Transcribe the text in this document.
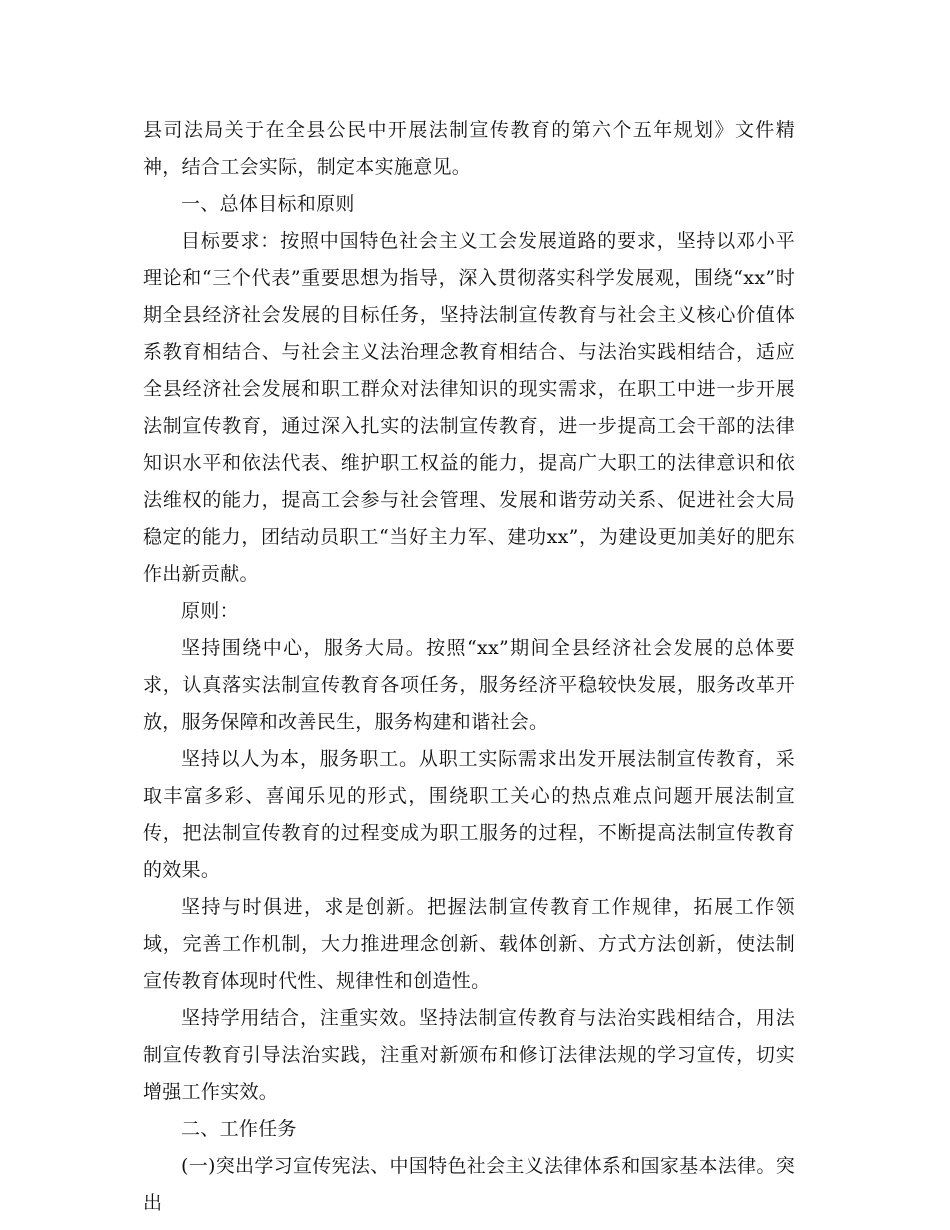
县司法局关于在全县公民中开展法制宣传教育的第六个五年规划》文件精神，结合工会实际，制定本实施意见。

一、总体目标和原则

目标要求：按照中国特色社会主义工会发展道路的要求，坚持以邓小平理论和“三个代表”重要思想为指导，深入贯彻落实科学发展观，围绕“xx”时期全县经济社会发展的目标任务，坚持法制宣传教育与社会主义核心价值体系教育相结合、与社会主义法治理念教育相结合、与法治实践相结合，适应全县经济社会发展和职工群众对法律知识的现实需求，在职工中进一步开展法制宣传教育，通过深入扎实的法制宣传教育，进一步提高工会干部的法律知识水平和依法代表、维护职工权益的能力，提高广大职工的法律意识和依法维权的能力，提高工会参与社会管理、发展和谐劳动关系、促进社会大局稳定的能力，团结动员职工“当好主力军、建功xx”，为建设更加美好的肥东作出新贡献。

原则：

坚持围绕中心，服务大局。按照“xx”期间全县经济社会发展的总体要求，认真落实法制宣传教育各项任务，服务经济平稳较快发展，服务改革开放，服务保障和改善民生，服务构建和谐社会。

坚持以人为本，服务职工。从职工实际需求出发开展法制宣传教育，采取丰富多彩、喜闻乐见的形式，围绕职工关心的热点难点问题开展法制宣传，把法制宣传教育的过程变成为职工服务的过程，不断提高法制宣传教育的效果。

坚持与时俱进，求是创新。把握法制宣传教育工作规律，拓展工作领域，完善工作机制，大力推进理念创新、载体创新、方式方法创新，使法制宣传教育体现时代性、规律性和创造性。

坚持学用结合，注重实效。坚持法制宣传教育与法治实践相结合，用法制宣传教育引导法治实践，注重对新颁布和修订法律法规的学习宣传，切实增强工作实效。

二、工作任务

(一)突出学习宣传宪法、中国特色社会主义法律体系和国家基本法律。突出
